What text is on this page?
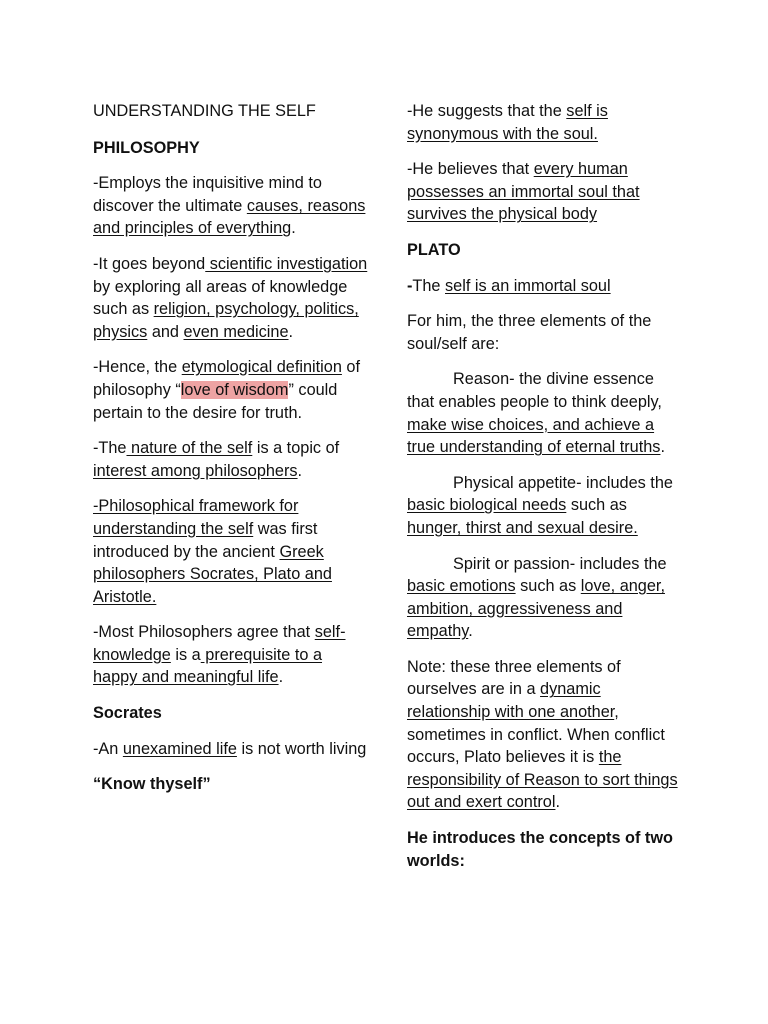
UNDERSTANDING THE SELF

PHILOSOPHY

-Employs the inquisitive mind to discover the ultimate causes, reasons and principles of everything.

-It goes beyond scientific investigation by exploring all areas of knowledge such as religion, psychology, politics, physics and even medicine.

-Hence, the etymological definition of philosophy “love of wisdom” could pertain to the desire for truth.

-The nature of the self is a topic of interest among philosophers.

-Philosophical framework for understanding the self was first introduced by the ancient Greek philosophers Socrates, Plato and Aristotle.

-Most Philosophers agree that self-knowledge is a prerequisite to a happy and meaningful life.

Socrates

-An unexamined life is not worth living

“Know thyself”

-He suggests that the self is synonymous with the soul.

-He believes that every human possesses an immortal soul that survives the physical body

PLATO

-The self is an immortal soul

For him, the three elements of the soul/self are:

Reason- the divine essence that enables people to think deeply, make wise choices, and achieve a true understanding of eternal truths.

Physical appetite- includes the basic biological needs such as hunger, thirst and sexual desire.

Spirit or passion- includes the basic emotions such as love, anger, ambition, aggressiveness and empathy.

Note: these three elements of ourselves are in a dynamic relationship with one another, sometimes in conflict. When conflict occurs, Plato believes it is the responsibility of Reason to sort things out and exert control.

He introduces the concepts of two worlds:
